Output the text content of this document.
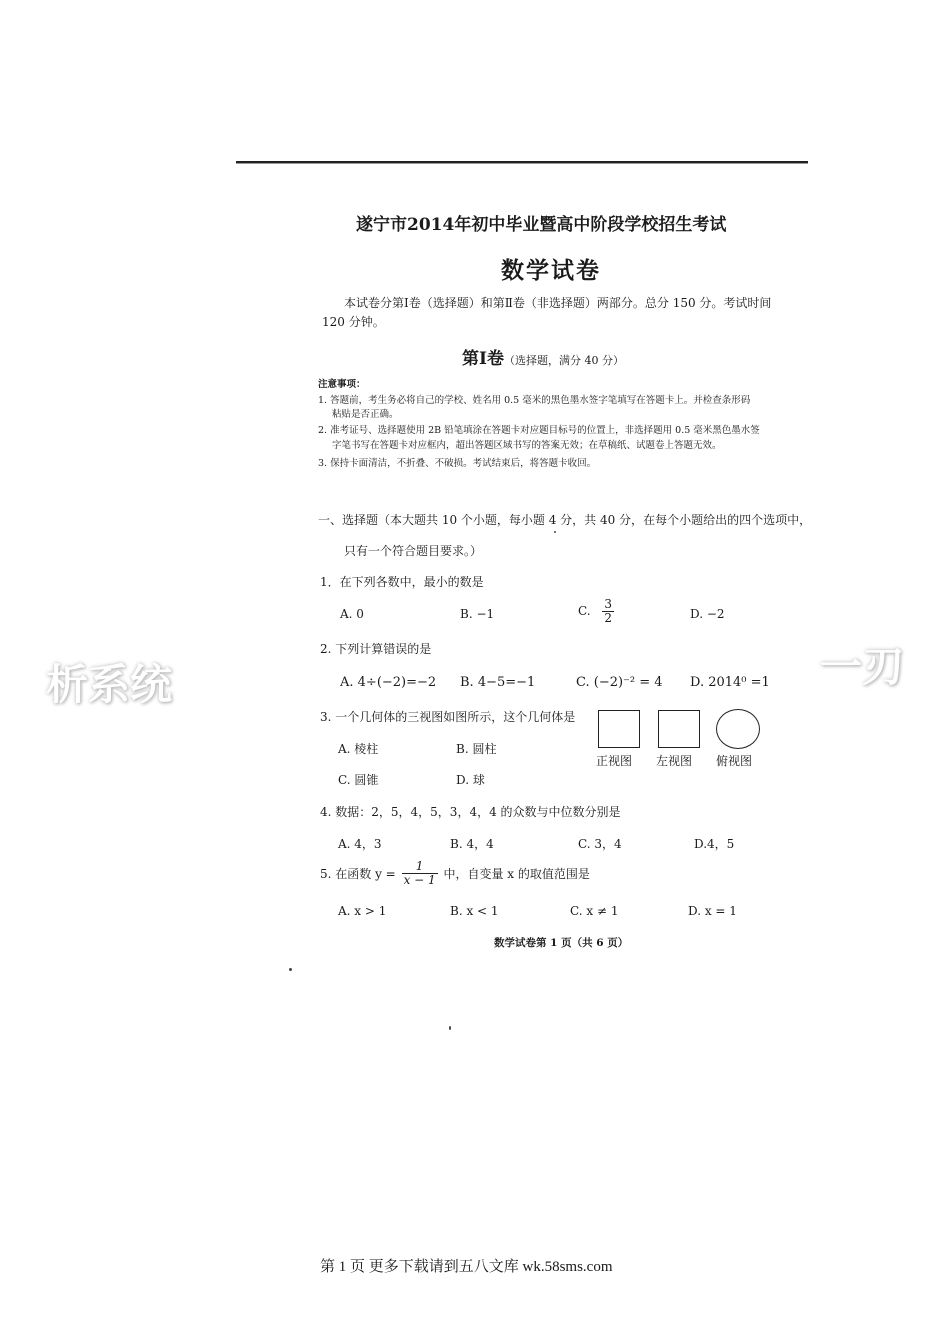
遂宁市2014年初中毕业暨高中阶段学校招生考试
数学试卷
本试卷分第Ⅰ卷（选择题）和第Ⅱ卷（非选择题）两部分。总分 150 分。考试时间
120 分钟。
第Ⅰ卷（选择题，满分 40 分）
注意事项：
1. 答题前，考生务必将自己的学校、姓名用 0.5 毫米的黑色墨水签字笔填写在答题卡上。并检查条形码
粘贴是否正确。
2. 准考证号、选择题使用 2B 铅笔填涂在答题卡对应题目标号的位置上，非选择题用 0.5 毫米黑色墨水签
字笔书写在答题卡对应框内，超出答题区域书写的答案无效；在草稿纸、试题卷上答题无效。
3. 保持卡面清洁，不折叠、不破损。考试结束后，将答题卡收回。
一、选择题（本大题共 10 个小题，每小题 4 分，共 40 分，在每个小题给出的四个选项中，
只有一个符合题目要求。）
1．在下列各数中，最小的数是
A. 0	B. −1	C. $\frac{3}{2}$	D. −2
2. 下列计算错误的是
A. 4÷(−2)=−2 B. 4−5=−1	C. (−2)⁻² = 4 D. 2014⁰ =1
3. 一个几何体的三视图如图所示，这个几何体是
A. 棱柱	B. 圆柱
C. 圆锥	D. 球
正视图 左视图 俯视图
4. 数据：2，5，4，5，3，4，4 的众数与中位数分别是
A. 4，3	B. 4，4	C. 3，4	D.4，5
5. 在函数 $y = \frac{1}{x - 1}$ 中，自变量 x 的取值范围是
A. x > 1	B. x < 1	C. x ≠ 1	D. x = 1
数学试卷第 1 页（共 6 页）
析系统	一刃
第 1 页 更多下载请到五八文库 wk.58sms.com
